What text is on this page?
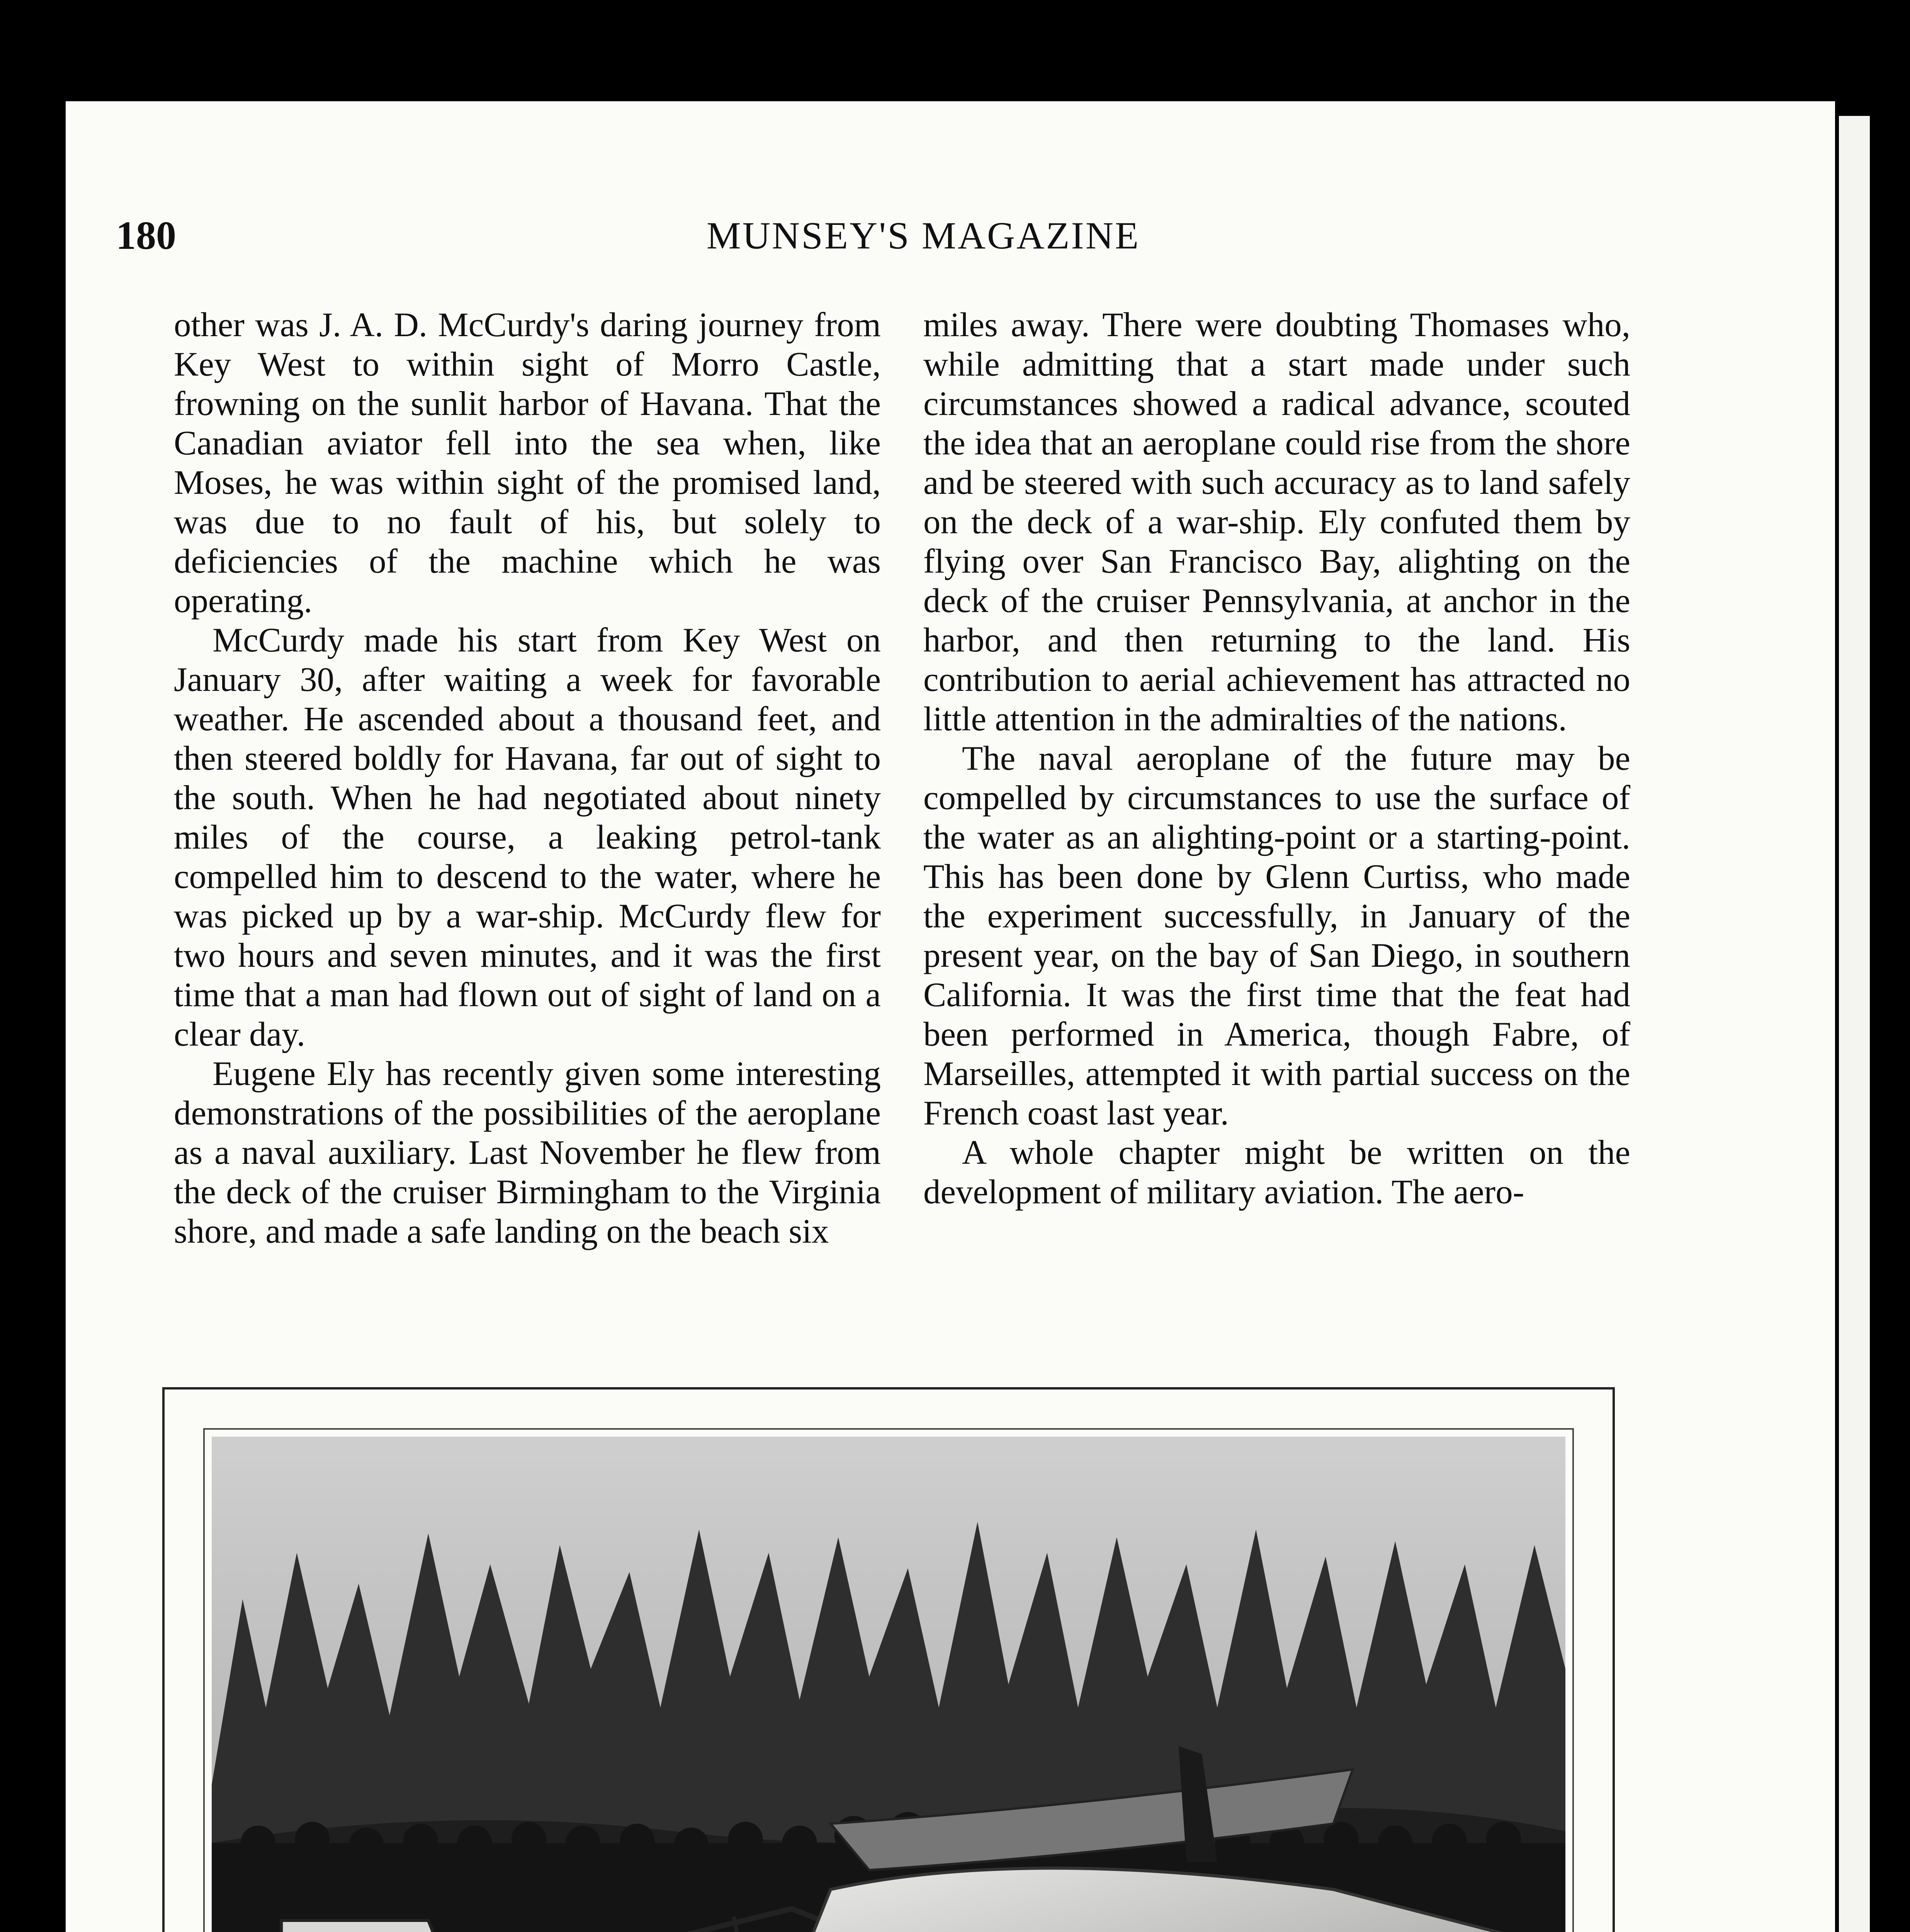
180	MUNSEY'S MAGAZINE

other was J. A. D. McCurdy's daring journey from Key West to within sight of Morro Castle, frowning on the sunlit harbor of Havana. That the Canadian aviator fell into the sea when, like Moses, he was within sight of the promised land, was due to no fault of his, but solely to deficiencies of the machine which he was operating.

McCurdy made his start from Key West on January 30, after waiting a week for favorable weather. He ascended about a thousand feet, and then steered boldly for Havana, far out of sight to the south. When he had negotiated about ninety miles of the course, a leaking petrol-tank compelled him to descend to the water, where he was picked up by a war-ship. McCurdy flew for two hours and seven minutes, and it was the first time that a man had flown out of sight of land on a clear day.

Eugene Ely has recently given some interesting demonstrations of the possibilities of the aeroplane as a naval auxiliary. Last November he flew from the deck of the cruiser Birmingham to the Virginia shore, and made a safe landing on the beach six

miles away. There were doubting Thomases who, while admitting that a start made under such circumstances showed a radical advance, scouted the idea that an aeroplane could rise from the shore and be steered with such accuracy as to land safely on the deck of a war-ship. Ely confuted them by flying over San Francisco Bay, alighting on the deck of the cruiser Pennsylvania, at anchor in the harbor, and then returning to the land. His contribution to aerial achievement has attracted no little attention in the admiralties of the nations.

The naval aeroplane of the future may be compelled by circumstances to use the surface of the water as an alighting-point or a starting-point. This has been done by Glenn Curtiss, who made the experiment successfully, in January of the present year, on the bay of San Diego, in southern California. It was the first time that the feat had been performed in America, though Fabre, of Marseilles, attempted it with partial success on the French coast last year.

A whole chapter might be written on the development of military aviation. The aero-
